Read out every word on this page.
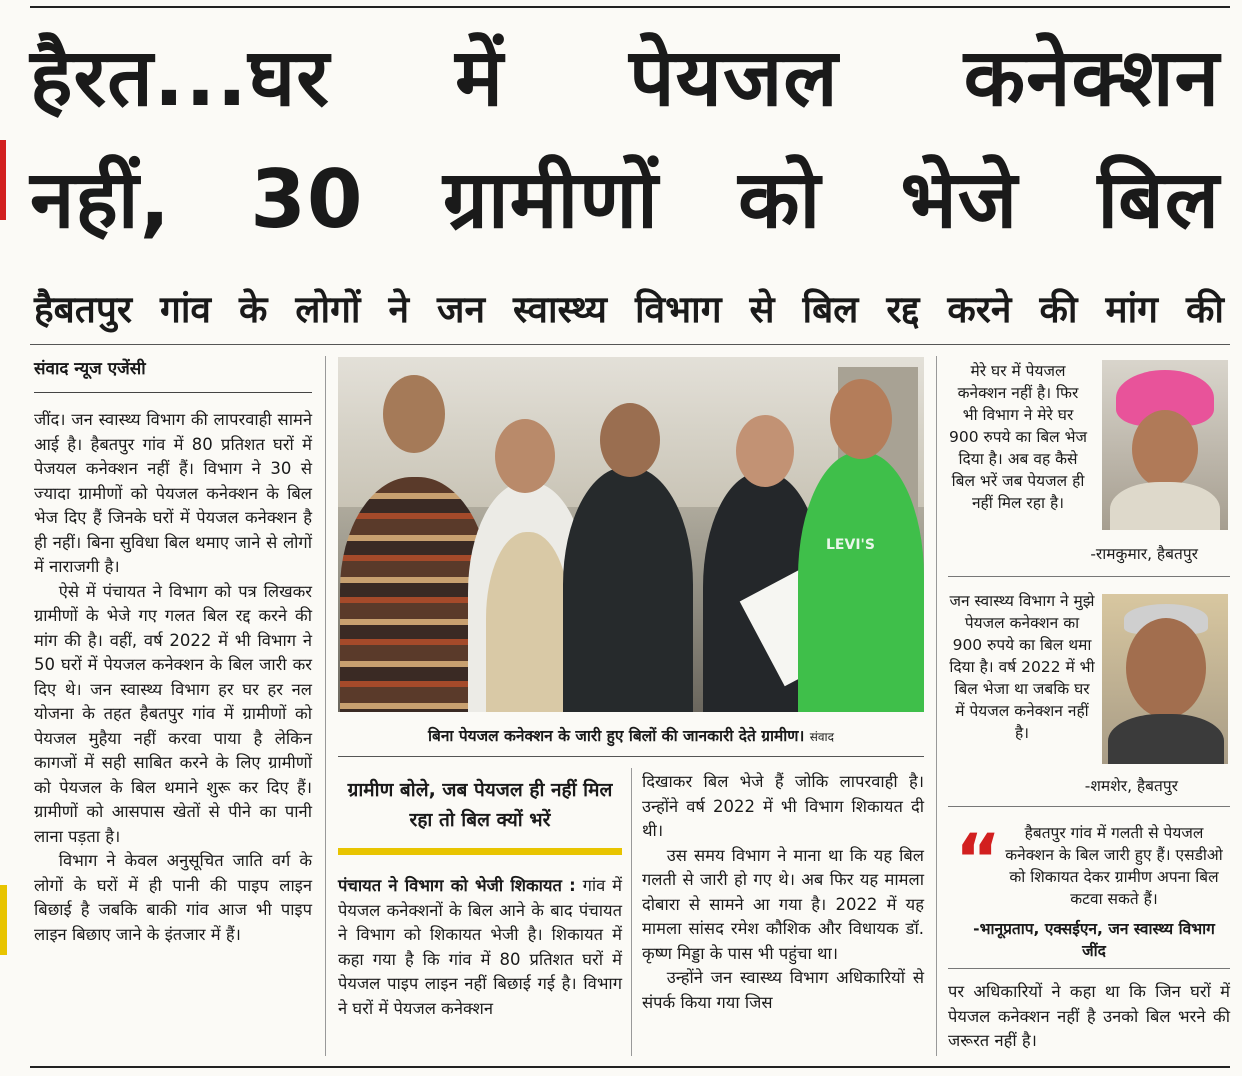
हैरत...घर में पेयजल कनेक्शन
नहीं, 30 ग्रामीणों को भेजे बिल
हैबतपुर गांव के लोगों ने जन स्वास्थ्य विभाग से बिल रद्द करने की मांग की
संवाद न्यूज एजेंसी

जींद। जन स्वास्थ्य विभाग की लापरवाही सामने आई है। हैबतपुर गांव में 80 प्रतिशत घरों में पेजयल कनेक्शन नहीं हैं। विभाग ने 30 से ज्यादा ग्रामीणों को पेयजल कनेक्शन के बिल भेज दिए हैं जिनके घरों में पेयजल कनेक्शन है ही नहीं। बिना सुविधा बिल थमाए जाने से लोगों में नाराजगी है।

ऐसे में पंचायत ने विभाग को पत्र लिखकर ग्रामीणों के भेजे गए गलत बिल रद्द करने की मांग की है। वहीं, वर्ष 2022 में भी विभाग ने 50 घरों में पेयजल कनेक्शन के बिल जारी कर दिए थे। जन स्वास्थ्य विभाग हर घर हर नल योजना के तहत हैबतपुर गांव में ग्रामीणों को पेयजल मुहैया नहीं करवा पाया है लेकिन कागजों में सही साबित करने के लिए ग्रामीणों को पेयजल के बिल थमाने शुरू कर दिए हैं। ग्रामीणों को आसपास खेतों से पीने का पानी लाना पड़ता है।

विभाग ने केवल अनुसूचित जाति वर्ग के लोगों के घरों में ही पानी की पाइप लाइन बिछाई है जबकि बाकी गांव आज भी पाइप लाइन बिछाए जाने के इंतजार में हैं।

LEVI'S
बिना पेयजल कनेक्शन के जारी हुए बिलों की जानकारी देते ग्रामीण। संवाद
ग्रामीण बोले, जब पेयजल ही नहीं मिल रहा तो बिल क्यों भरें

पंचायत ने विभाग को भेजी शिकायत : गांव में पेयजल कनेक्शनों के बिल आने के बाद पंचायत ने विभाग को शिकायत भेजी है। शिकायत में कहा गया है कि गांव में 80 प्रतिशत घरों में पेयजल पाइप लाइन नहीं बिछाई गई है। विभाग ने घरों में पेयजल कनेक्शन

दिखाकर बिल भेजे हैं जोकि लापरवाही है। उन्होंने वर्ष 2022 में भी विभाग शिकायत दी थी।

उस समय विभाग ने माना था कि यह बिल गलती से जारी हो गए थे। अब फिर यह मामला दोबारा से सामने आ गया है। 2022 में यह मामला सांसद रमेश कौशिक और विधायक डॉ. कृष्ण मिड्डा के पास भी पहुंचा था।

उन्होंने जन स्वास्थ्य विभाग अधिकारियों से संपर्क किया गया जिस

मेरे घर में पेयजल कनेक्शन नहीं है। फिर भी विभाग ने मेरे घर 900 रुपये का बिल भेज दिया है। अब वह कैसे बिल भरें जब पेयजल ही नहीं मिल रहा है।
-रामकुमार, हैबतपुर
जन स्वास्थ्य विभाग ने मुझे पेयजल कनेक्शन का 900 रुपये का बिल थमा दिया है। वर्ष 2022 में भी बिल भेजा था जबकि घर में पेयजल कनेक्शन नहीं है।
-शमशेर, हैबतपुर
“	हैबतपुर गांव में गलती से पेयजल कनेक्शन के बिल जारी हुए हैं। एसडीओ को शिकायत देकर ग्रामीण अपना बिल कटवा सकते हैं।
-भानूप्रताप, एक्सईएन, जन स्वास्थ्य विभाग जींद

पर अधिकारियों ने कहा था कि जिन घरों में पेयजल कनेक्शन नहीं है उनको बिल भरने की जरूरत नहीं है।
